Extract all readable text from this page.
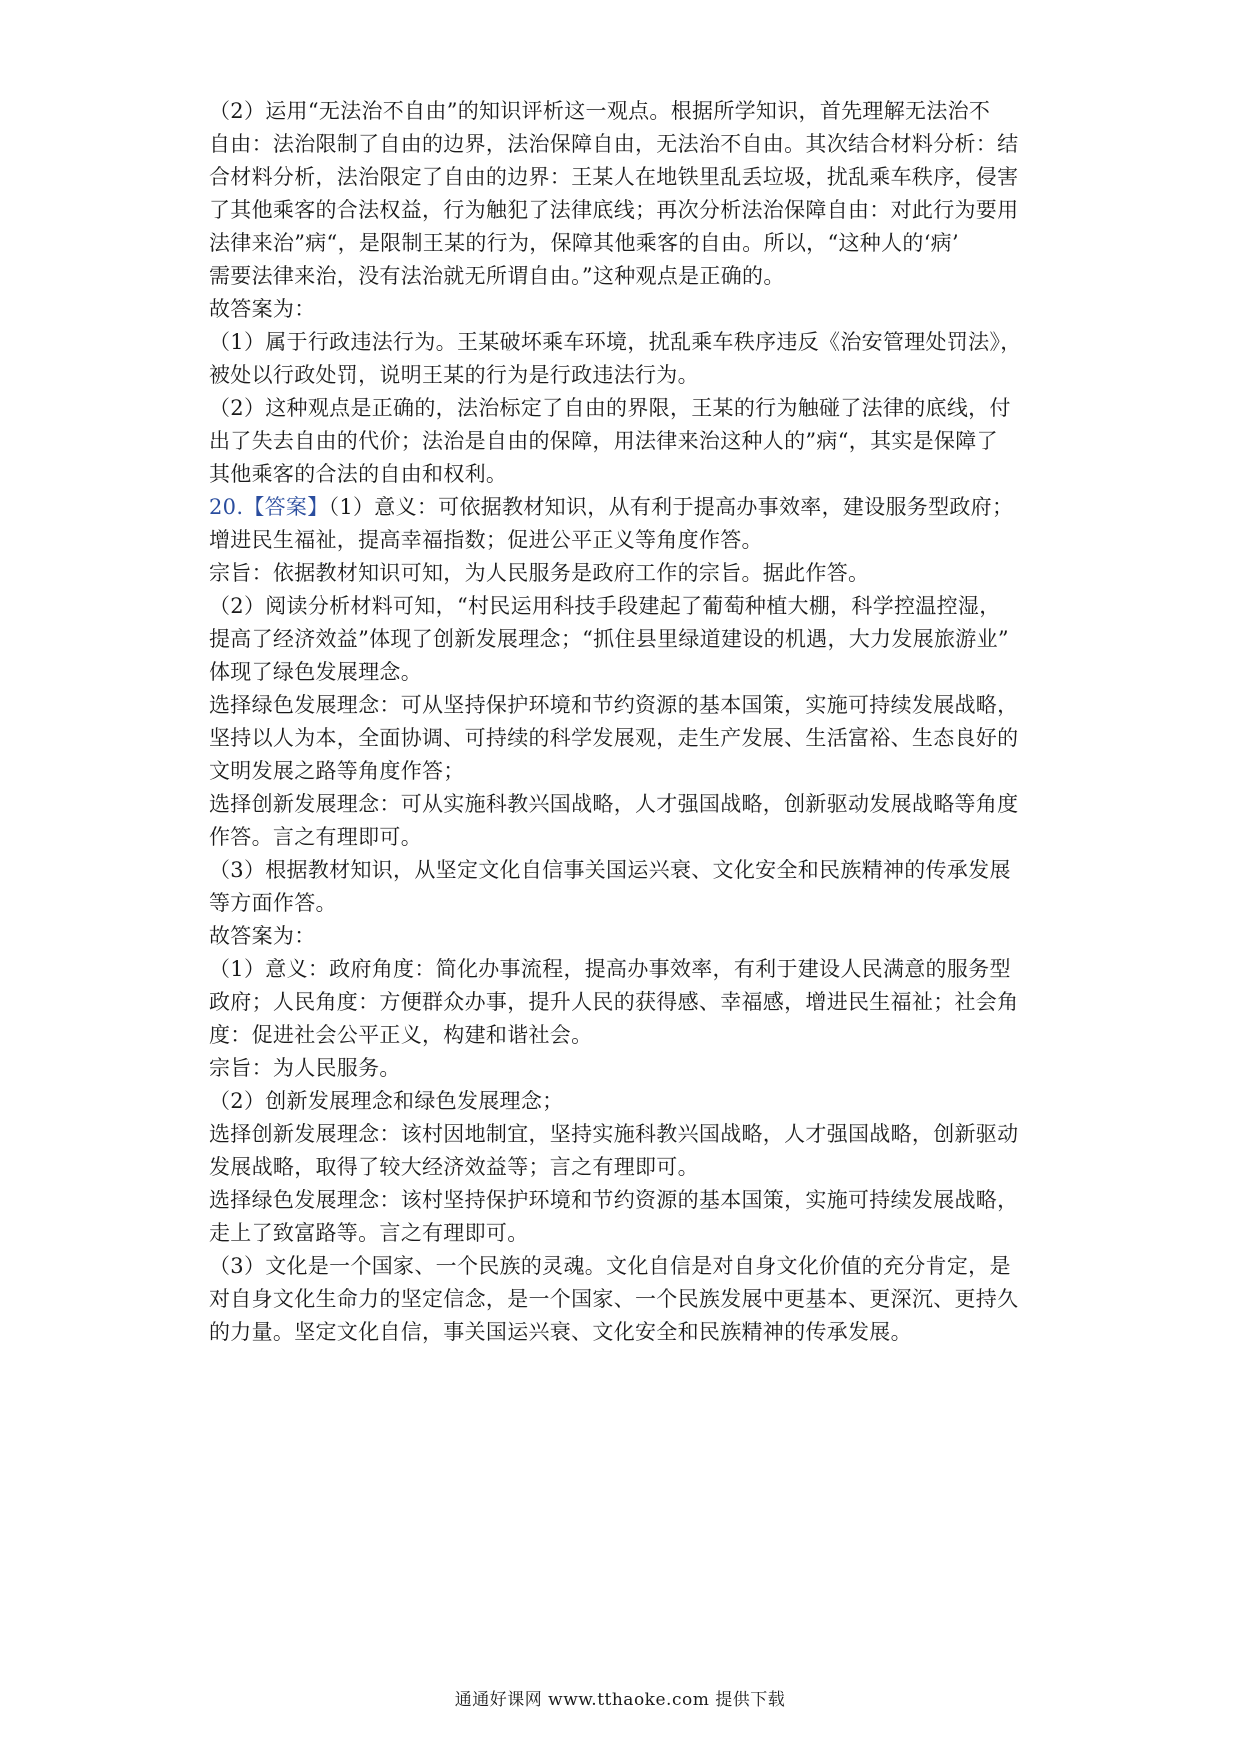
（2）运用“无法治不自由”的知识评析这一观点。根据所学知识，首先理解无法治不
自由：法治限制了自由的边界，法治保障自由，无法治不自由。其次结合材料分析：结
合材料分析，法治限定了自由的边界：王某人在地铁里乱丢垃圾，扰乱乘车秩序，侵害
了其他乘客的合法权益，行为触犯了法律底线；再次分析法治保障自由：对此行为要用
法律来治”病“，是限制王某的行为，保障其他乘客的自由。所以，“这种人的‘病’
需要法律来治，没有法治就无所谓自由。”这种观点是正确的。
故答案为：
（1）属于行政违法行为。王某破坏乘车环境，扰乱乘车秩序违反《治安管理处罚法》，
被处以行政处罚，说明王某的行为是行政违法行为。
（2）这种观点是正确的，法治标定了自由的界限，王某的行为触碰了法律的底线，付
出了失去自由的代价；法治是自由的保障，用法律来治这种人的”病“，其实是保障了
其他乘客的合法的自由和权利。
20.【答案】（1）意义：可依据教材知识，从有利于提高办事效率，建设服务型政府；
增进民生福祉，提高幸福指数；促进公平正义等角度作答。
宗旨：依据教材知识可知，为人民服务是政府工作的宗旨。据此作答。
（2）阅读分析材料可知，“村民运用科技手段建起了葡萄种植大棚，科学控温控湿，
提高了经济效益”体现了创新发展理念；“抓住县里绿道建设的机遇，大力发展旅游业”
体现了绿色发展理念。
选择绿色发展理念：可从坚持保护环境和节约资源的基本国策，实施可持续发展战略，
坚持以人为本，全面协调、可持续的科学发展观，走生产发展、生活富裕、生态良好的
文明发展之路等角度作答；
选择创新发展理念：可从实施科教兴国战略，人才强国战略，创新驱动发展战略等角度
作答。言之有理即可。
（3）根据教材知识，从坚定文化自信事关国运兴衰、文化安全和民族精神的传承发展
等方面作答。
故答案为：
（1）意义：政府角度：简化办事流程，提高办事效率，有利于建设人民满意的服务型
政府；人民角度：方便群众办事，提升人民的获得感、幸福感，增进民生福祉；社会角
度：促进社会公平正义，构建和谐社会。
宗旨：为人民服务。
（2）创新发展理念和绿色发展理念；
选择创新发展理念：该村因地制宜，坚持实施科教兴国战略，人才强国战略，创新驱动
发展战略，取得了较大经济效益等；言之有理即可。
选择绿色发展理念：该村坚持保护环境和节约资源的基本国策，实施可持续发展战略，
走上了致富路等。言之有理即可。
（3）文化是一个国家、一个民族的灵魂。文化自信是对自身文化价值的充分肯定，是
对自身文化生命力的坚定信念，是一个国家、一个民族发展中更基本、更深沉、更持久
的力量。坚定文化自信，事关国运兴衰、文化安全和民族精神的传承发展。
通通好课网 www.tthaoke.com 提供下载
